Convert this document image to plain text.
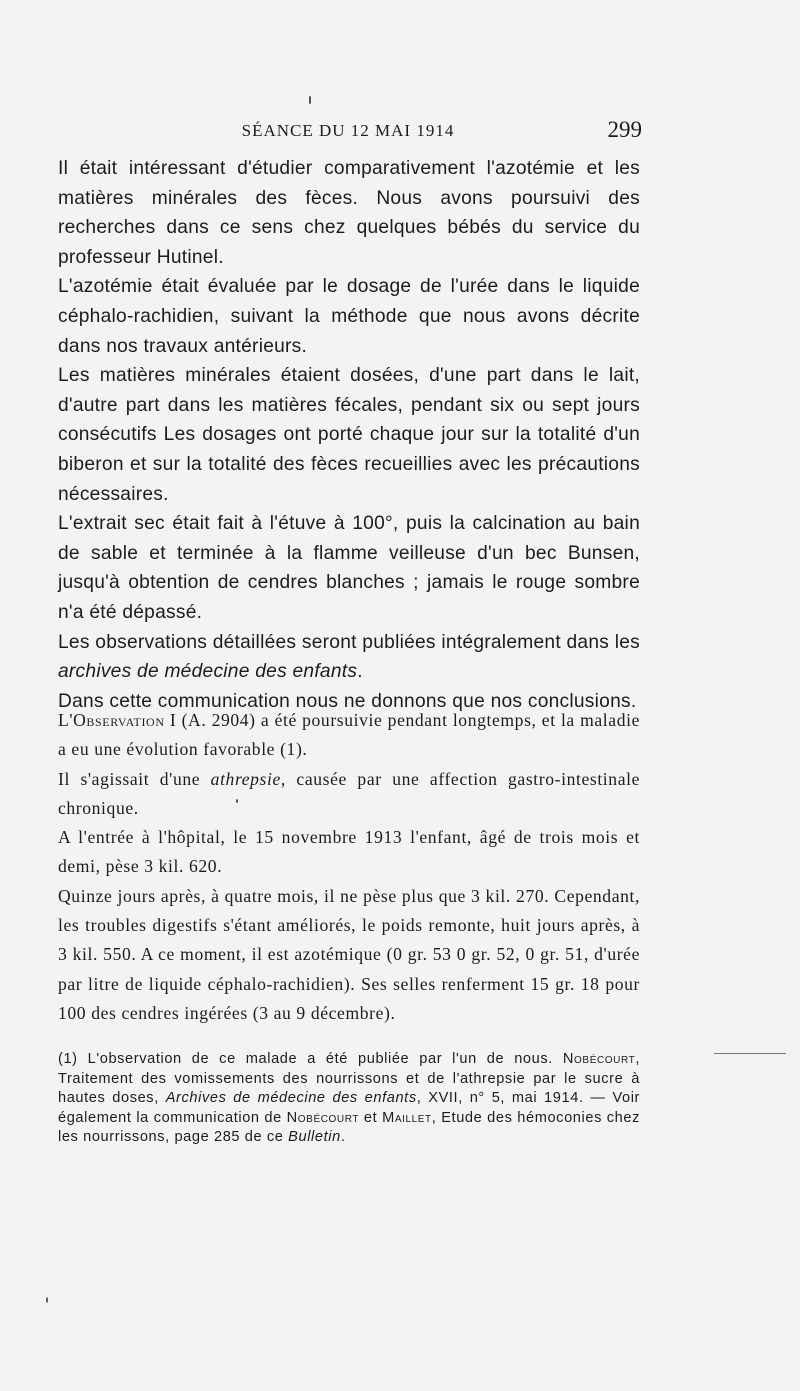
SÉANCE DU 12 MAI 1914	299

Il était intéressant d'étudier comparativement l'azotémie et les matières minérales des fèces. Nous avons poursuivi des recherches dans ce sens chez quelques bébés du service du professeur Hutinel.

L'azotémie était évaluée par le dosage de l'urée dans le liquide céphalo-rachidien, suivant la méthode que nous avons décrite dans nos travaux antérieurs.

Les matières minérales étaient dosées, d'une part dans le lait, d'autre part dans les matières fécales, pendant six ou sept jours consécutifs Les dosages ont porté chaque jour sur la totalité d'un biberon et sur la totalité des fèces recueillies avec les précautions nécessaires.

L'extrait sec était fait à l'étuve à 100°, puis la calcination au bain de sable et terminée à la flamme veilleuse d'un bec Bunsen, jusqu'à obtention de cendres blanches ; jamais le rouge sombre n'a été dépassé.

Les observations détaillées seront publiées intégralement dans les archives de médecine des enfants.

Dans cette communication nous ne donnons que nos conclusions.

L'Observation I (A. 2904) a été poursuivie pendant longtemps, et la maladie a eu une évolution favorable (1).

Il s'agissait d'une athrepsie, causée par une affection gastro-intestinale chronique.

A l'entrée à l'hôpital, le 15 novembre 1913 l'enfant, âgé de trois mois et demi, pèse 3 kil. 620.

Quinze jours après, à quatre mois, il ne pèse plus que 3 kil. 270. Cependant, les troubles digestifs s'étant améliorés, le poids remonte, huit jours après, à 3 kil. 550. A ce moment, il est azotémique (0 gr. 53 0 gr. 52, 0 gr. 51, d'urée par litre de liquide céphalo-rachidien). Ses selles renferment 15 gr. 18 pour 100 des cendres ingérées (3 au 9 décembre).

(1) L'observation de ce malade a été publiée par l'un de nous. Nobécourt, Traitement des vomissements des nourrissons et de l'athrepsie par le sucre à hautes doses, Archives de médecine des enfants, XVII, n° 5, mai 1914. — Voir également la communication de Nobécourt et Maillet, Etude des hémoconies chez les nourrissons, page 285 de ce Bulletin.
